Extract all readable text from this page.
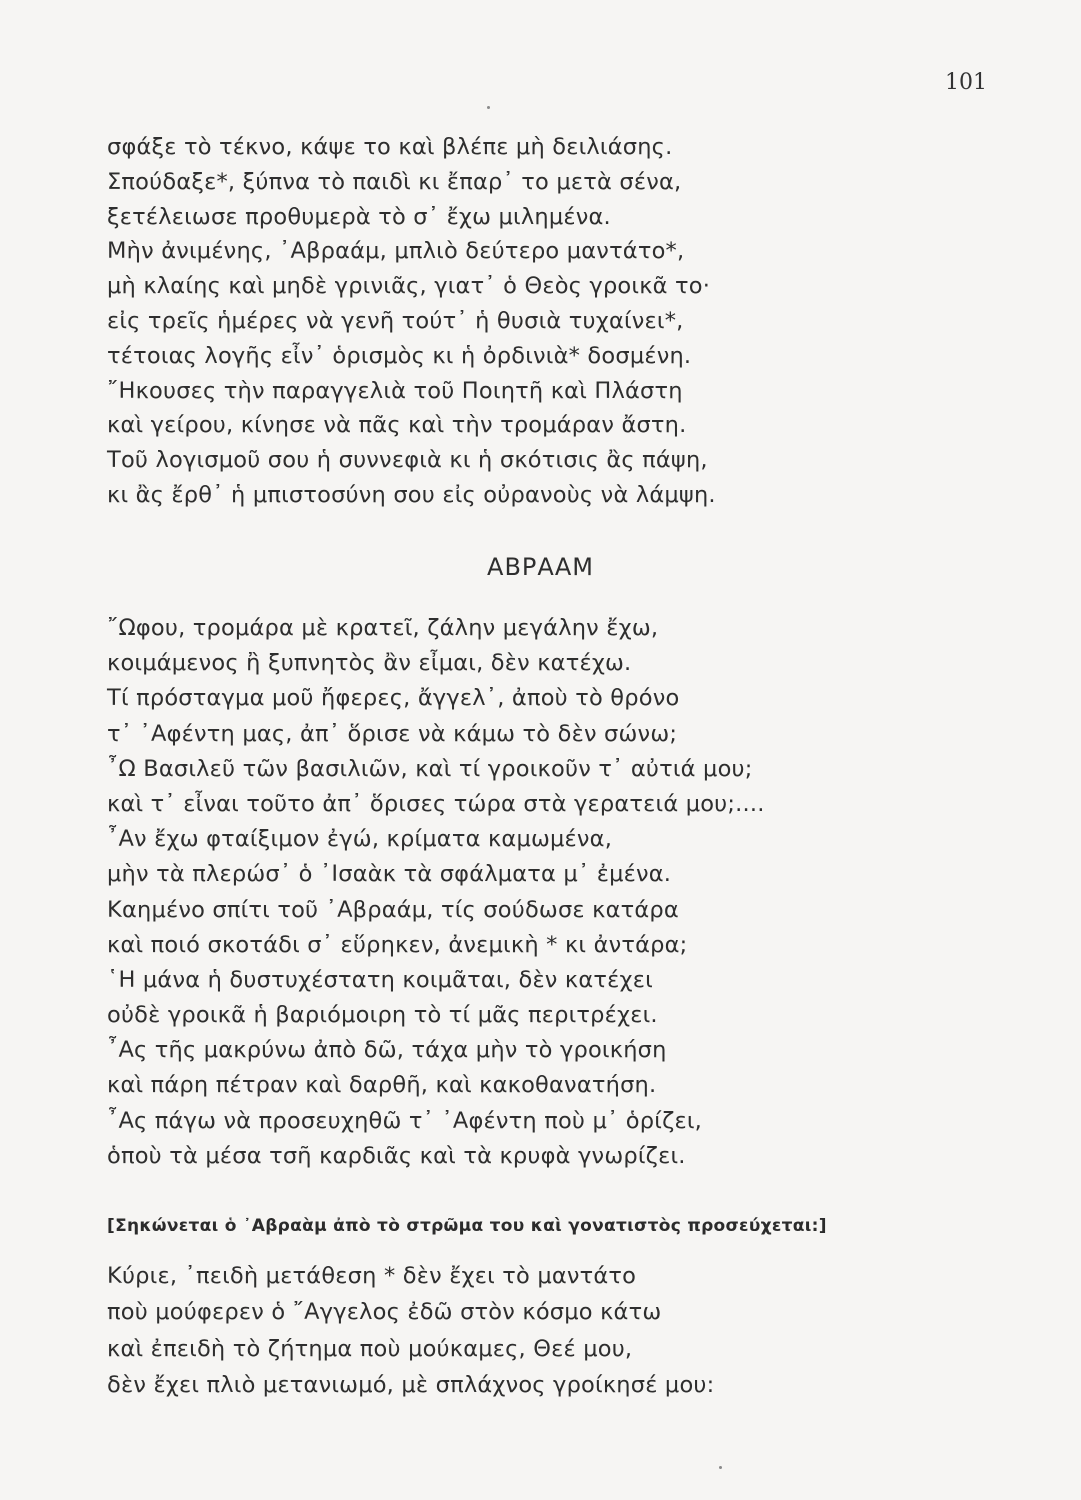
101
σφάξε τὸ τέκνο, κάψε το καὶ βλέπε μὴ δειλιάσης.
Σπούδαξε*, ξύπνα τὸ παιδὶ κι ἔπαρ᾿ το μετὰ σένα,
ξετέλειωσε προθυμερὰ τὸ σ᾿ ἔχω μιλημένα.
Μὴν ἀνιμένης, ᾿Αβραάμ, μπλιὸ δεύτερο μαντάτο*,
μὴ κλαίης καὶ μηδὲ γρινιᾶς, γιατ᾿ ὁ Θεὸς γροικᾶ το·
εἰς τρεῖς ἡμέρες νὰ γενῆ τούτ᾿ ἡ θυσιὰ τυχαίνει*,
τέτοιας λογῆς εἶν᾿ ὁρισμὸς κι ἡ ὀρδινιὰ* δοσμένη.
῎Ηκουσες τὴν παραγγελιὰ τοῦ Ποιητῆ καὶ Πλάστη
καὶ γείρου, κίνησε νὰ πᾶς καὶ τὴν τρομάραν ἄστη.
Τοῦ λογισμοῦ σου ἡ συννεφιὰ κι ἡ σκότισις ἂς πάψη,
κι ἂς ἔρθ᾿ ἡ μπιστοσύνη σου εἰς οὐρανοὺς νὰ λάμψη.
ΑΒΡΑΑΜ
῎Ωφου, τρομάρα μὲ κρατεῖ, ζάλην μεγάλην ἔχω,
κοιμάμενος ἢ ξυπνητὸς ἂν εἶμαι, δὲν κατέχω.
Τί πρόσταγμα μοῦ ἤφερες, ἄγγελ᾿, ἀποὺ τὸ θρόνο
τ᾿ ᾿Αφέντη μας, ἀπ᾿ ὅρισε νὰ κάμω τὸ δὲν σώνω;
῏Ω Βασιλεῦ τῶν βασιλιῶν, καὶ τί γροικοῦν τ᾿ αὐτιά μου;
καὶ τ᾿ εἶναι τοῦτο ἀπ᾿ ὅρισες τώρα στὰ γερατειά μου;....
῏Αν ἔχω φταίξιμον ἐγώ, κρίματα καμωμένα,
μὴν τὰ πλερώσ᾿ ὁ ᾿Ισαὰκ τὰ σφάλματα μ᾿ ἐμένα.
Καημένο σπίτι τοῦ ᾿Αβραάμ, τίς σούδωσε κατάρα
καὶ ποιό σκοτάδι σ᾿ εὕρηκεν, ἀνεμικὴ * κι ἀντάρα;
῾Η μάνα ἡ δυστυχέστατη κοιμᾶται, δὲν κατέχει
οὐδὲ γροικᾶ ἡ βαριόμοιρη τὸ τί μᾶς περιτρέχει.
῏Ας τῆς μακρύνω ἀπὸ δῶ, τάχα μὴν τὸ γροικήση
καὶ πάρη πέτραν καὶ δαρθῆ, καὶ κακοθανατήση.
῏Ας πάγω νὰ προσευχηθῶ τ᾿ ᾿Αφέντη ποὺ μ᾿ ὁρίζει,
ὁποὺ τὰ μέσα τσῆ καρδιᾶς καὶ τὰ κρυφὰ γνωρίζει.
[Σηκώνεται ὁ ᾿Αβραὰμ ἀπὸ τὸ στρῶμα του καὶ γονατιστὸς προσεύχεται:]
Κύριε, ᾿πειδὴ μετάθεση * δὲν ἔχει τὸ μαντάτο
ποὺ μούφερεν ὁ ῎Αγγελος ἐδῶ στὸν κόσμο κάτω
καὶ ἐπειδὴ τὸ ζήτημα ποὺ μούκαμες, Θεέ μου,
δὲν ἔχει πλιὸ μετανιωμό, μὲ σπλάχνος γροίκησέ μου:
